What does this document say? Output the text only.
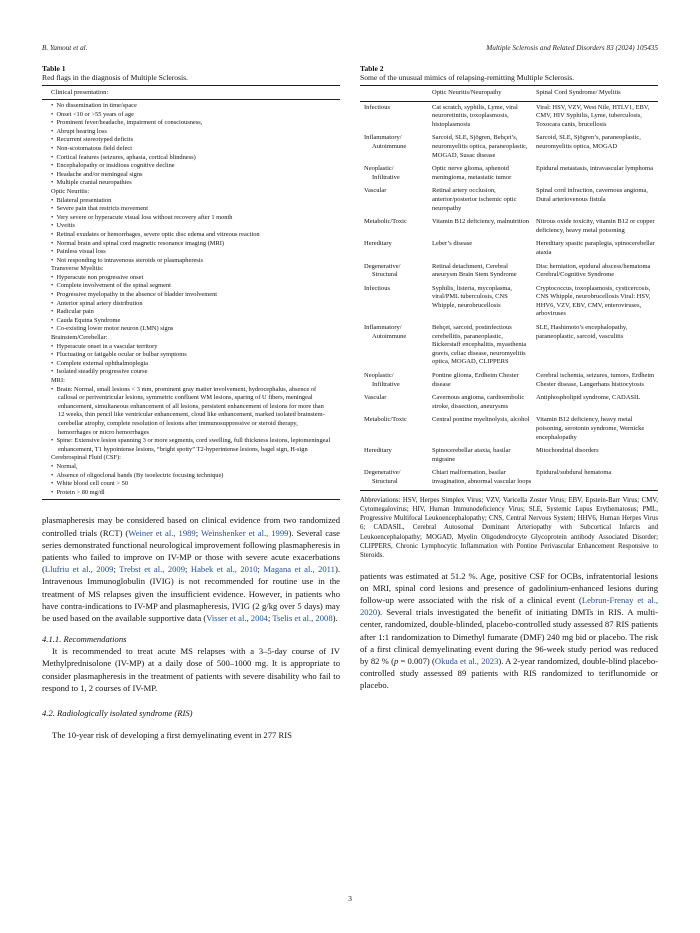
B. Yamout et al.	Multiple Sclerosis and Related Disorders 83 (2024) 105435
Table 1
Red flags in the diagnosis of Multiple Sclerosis.
Clinical presentation:
•  No dissemination in time/space
•  Onset <10 or >55 years of age
•  Prominent fever/headache, impairment of consciousness,
•  Abrupt hearing loss
•  Recurrent stereotyped deficits
•  Non-scotomatous field defect
•  Cortical features (seizures, aphasia, cortical blindness)
•  Encephalopathy or insidious cognitive decline
•  Headache and/or meningeal signs
•  Multiple cranial neuropathies
Optic Neuritis:
•  Bilateral presentation
•  Severe pain that restricts movement
•  Very severe or hyperacute visual loss without recovery after 1 month
•  Uveitis
•  Retinal exudates or hemorrhages, severe optic disc edema and vitreous reaction
•  Normal brain and spinal cord magnetic resonance imaging (MRI)
•  Painless visual loss
•  Not responding to intravenous steroids or plasmapheresis
Transverse Myelitis:
•  Hyperacute non progressive onset
•  Complete involvement of the spinal segment
•  Progressive myelopathy in the absence of bladder involvement
•  Anterior spinal artery distribution
•  Radicular pain
•  Cauda Equina Syndrome
•  Co-existing lower motor neuron (LMN) signs
Brainstem/Cerebellar:
•  Hyperacute onset in a vascular territory
•  Fluctuating or fatigable ocular or bulbar symptoms
•  Complete external ophthalmoplegia
•  Isolated steadily progressive course
MRI:
•  Brain: Normal, small lesions < 3 mm, prominent gray matter involvement, hydrocephalus, absence of callosal or periventricular lesions, symmetric confluent WM lesions, sparing of U fibers, meningeal enhancement, simultaneous enhancement of all lesions, persistent enhancement of lesions for more than 12 weeks, thin pencil like ventricular enhancement, cloud like enhancement, marked isolated brainstem-cerebellar atrophy, complete resolution of lesions after immunosuppressive or steroid therapy, hemorrhages or micro hemorrhages
•  Spine: Extensive lesion spanning 3 or more segments, cord swelling, full thickness lesions, leptomeningeal enhancement, T1 hypointense lesions, “bright spotty” T2-hyperintense lesions, bagel sign, H-sign
Cerebrospinal Fluid (CSF):
•  Normal,
•  Absence of oligoclonal bands (By isoelectric focusing technique)
•  White blood cell count > 50
•  Protein > 80 mg/dl

plasmapheresis may be considered based on clinical evidence from two randomized controlled trials (RCT) (Weiner et al., 1989; Weinshenker et al., 1999). Several case series demonstrated functional neurological improvement following plasmapheresis in patients who failed to improve on IV-MP or those with severe acute exacerbations (Llufriu et al., 2009; Trebst et al., 2009; Habek et al., 2010; Magana et al., 2011). Intravenous Immunoglobulin (IVIG) is not recommended for routine use in the treatment of MS relapses given the insufficient evidence. However, in patients who have contra-indications to IV-MP and plasmapheresis, IVIG (2 g/kg over 5 days) may be used based on the available supportive data (Visser et al., 2004; Tselis et al., 2008).

4.1.1. Recommendations

It is recommended to treat acute MS relapses with a 3–5-day course of IV Methylprednisolone (IV-MP) at a daily dose of 500–1000 mg. It is appropriate to consider plasmapheresis in the treatment of patients with severe disability who fail to respond to 1, 2 courses of IV-MP.

4.2. Radiologically isolated syndrome (RIS)

The 10-year risk of developing a first demyelinating event in 277 RIS

Table 2
Some of the unusual mimics of relapsing-remitting Multiple Sclerosis.
	Optic Neuritis/Neuropathy	Spinal Cord Syndrome/ Myelitis
Infectious	Cat scratch, syphilis, Lyme, viral neuroretinitis, toxoplasmosis, histoplasmosis	Viral: HSV, VZV, West Nile, HTLV1, EBV, CMV, HIV Syphilis, Lyme, tuberculosis, Toxocara canis, brucellosis
Inflammatory/
Autoimmune	Sarcoid, SLE, Sjögren, Behçet’s, neuromyelitis optica, paraneoplastic, MOGAD, Susac disease	Sarcoid, SLE, Sjögren’s, paraneoplastic, neuromyelitis optica, MOGAD
Neoplastic/
Infiltrative	Optic nerve glioma, sphenoid meningioma, metastatic tumor	Epidural metastasis, intravascular lymphoma
Vascular	Retinal artery occlusion, anterior/posterior ischemic optic neuropathy	Spinal cord infraction, cavernous angioma, Dural arteriovenous fistula
Metabolic/Toxic	Vitamin B12 deficiency, malnutrition	Nitrous oxide toxicity, vitamin B12 or copper deficiency, heavy metal poisoning
Hereditary	Leber’s disease	Hereditary spastic paraplegia, spinocerebellar ataxia
Degenerative/
Structural	Retinal detachment, Cerebral aneurysm Brain Stem Syndrome	Disc herniation, epidural abscess/hematoma Cerebral/Cognitive Syndrome
Infectious	Syphilis, listeria, mycoplasma, viral/PML tuberculosis, CNS Whipple, neurobrucellosis	Cryptococcus, toxoplasmosis, cysticercosis, CNS Whipple, neurobrucellosis Viral: HSV, HHV6, VZV, EBV, CMV, enteroviruses, arboviruses
Inflammatory/
Autoimmune	Behçet, sarcoid, postinfectious cerebellitis, paraneoplastic, Bickerstaff encephalitis, myasthenia gravis, celiac disease, neuromyelitis optica, MOGAD, CLIPPERS	SLE, Hashimoto’s encephalopathy, paraneoplastic, sarcoid, vasculitis
Neoplastic/
Infiltrative	Pontine glioma, Erdheim Chester disease	Cerebral ischemia, seizures, tumors, Erdheim Chester disease, Langerhans histiocytosis
Vascular	Cavernous angioma, cardioembolic stroke, dissection, aneurysms	Antiphospholipid syndrome, CADASIL
Metabolic/Toxic	Central pontine myelinolysis, alcohol	Vitamin B12 deficiency, heavy metal poisoning, serotonin syndrome, Wernicke encephalopathy
Hereditary	Spinocerebellar ataxia, basilar migraine	Mitochondrial disorders
Degenerative/
Structural	Chiari malformation, basilar invagination, abnormal vascular loops	Epidural/subdural hematoma
Abbreviations: HSV, Herpes Simplex Virus; VZV, Varicella Zoster Virus; EBV, Epstein-Barr Virus; CMV, Cytomegalovirus; HIV, Human Immunodeficiency Virus; SLE, Systemic Lupus Erythematosus; PML, Progressive Multifocal Leukoencephalopathy; CNS, Central Nervous System; HHV6, Human Herpes Virus 6; CADASIL, Cerebral Autosomal Dominant Arteriopathy with Subcortical Infarcts and Leukoencephalopathy; MOGAD, Myelin Oligodendrocyte Glycoprotein antibody Associated Disorder; CLIPPERS, Chronic Lymphocytic Inflammation with Pontine Perivascular Enhancement Responsive to Steroids.

patients was estimated at 51.2 %. Age, positive CSF for OCBs, infratentorial lesions on MRI, spinal cord lesions and presence of gadolinium-enhanced lesions during follow-up were associated with the risk of a clinical event (Lebrun-Frenay et al., 2020). Several trials investigated the benefit of initiating DMTs in RIS. A multi-center, randomized, double-blinded, placebo-controlled study assessed 87 RIS patients after 1:1 randomization to Dimethyl fumarate (DMF) 240 mg bid or placebo. The risk of a first clinical demyelinating event during the 96-week study period was reduced by 82 % (p = 0.007) (Okuda et al., 2023). A 2-year randomized, double-blind placebo-controlled study assessed 89 patients with RIS randomized to teriflunomide or placebo.

3
